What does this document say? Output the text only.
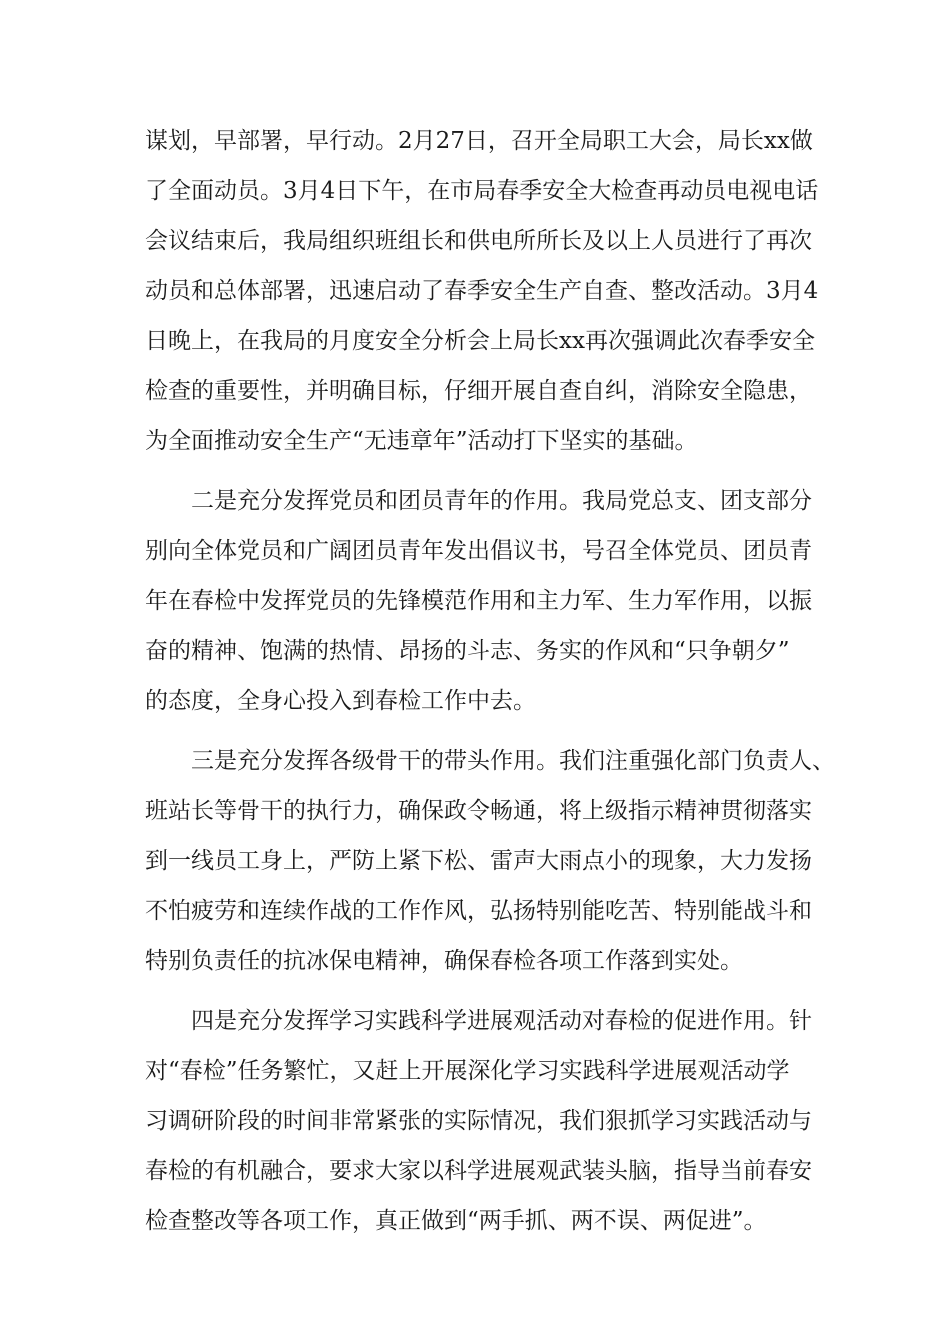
谋划，早部署，早行动。2月27日，召开全局职工大会，局长xx做
了全面动员。3月4日下午，在市局春季安全大检查再动员电视电话
会议结束后，我局组织班组长和供电所所长及以上人员进行了再次
动员和总体部署，迅速启动了春季安全生产自查、整改活动。3月4
日晚上，在我局的月度安全分析会上局长xx再次强调此次春季安全
检查的重要性，并明确目标，仔细开展自查自纠，消除安全隐患，
为全面推动安全生产“无违章年”活动打下坚实的基础。
二是充分发挥党员和团员青年的作用。我局党总支、团支部分
别向全体党员和广阔团员青年发出倡议书，号召全体党员、团员青
年在春检中发挥党员的先锋模范作用和主力军、生力军作用，以振
奋的精神、饱满的热情、昂扬的斗志、务实的作风和“只争朝夕”
的态度，全身心投入到春检工作中去。
三是充分发挥各级骨干的带头作用。我们注重强化部门负责人、
班站长等骨干的执行力，确保政令畅通，将上级指示精神贯彻落实
到一线员工身上，严防上紧下松、雷声大雨点小的现象，大力发扬
不怕疲劳和连续作战的工作作风，弘扬特别能吃苦、特别能战斗和
特别负责任的抗冰保电精神，确保春检各项工作落到实处。
四是充分发挥学习实践科学进展观活动对春检的促进作用。针
对“春检”任务繁忙，又赶上开展深化学习实践科学进展观活动学
习调研阶段的时间非常紧张的实际情况，我们狠抓学习实践活动与
春检的有机融合，要求大家以科学进展观武装头脑，指导当前春安
检查整改等各项工作，真正做到“两手抓、两不误、两促进”。
